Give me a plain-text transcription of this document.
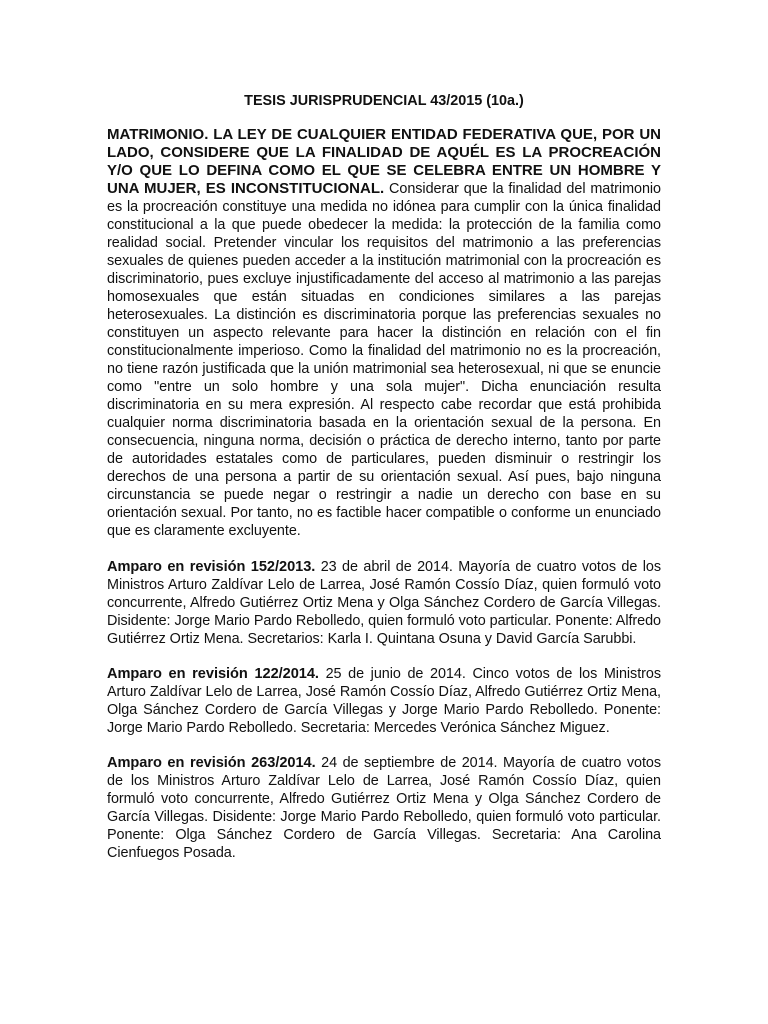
TESIS JURISPRUDENCIAL 43/2015 (10a.)

MATRIMONIO. LA LEY DE CUALQUIER ENTIDAD FEDERATIVA QUE, POR UN LADO, CONSIDERE QUE LA FINALIDAD DE AQUÉL ES LA PROCREACIÓN Y/O QUE LO DEFINA COMO EL QUE SE CELEBRA ENTRE UN HOMBRE Y UNA MUJER, ES INCONSTITUCIONAL. Considerar que la finalidad del matrimonio es la procreación constituye una medida no idónea para cumplir con la única finalidad constitucional a la que puede obedecer la medida: la protección de la familia como realidad social. Pretender vincular los requisitos del matrimonio a las preferencias sexuales de quienes pueden acceder a la institución matrimonial con la procreación es discriminatorio, pues excluye injustificadamente del acceso al matrimonio a las parejas homosexuales que están situadas en condiciones similares a las parejas heterosexuales. La distinción es discriminatoria porque las preferencias sexuales no constituyen un aspecto relevante para hacer la distinción en relación con el fin constitucionalmente imperioso. Como la finalidad del matrimonio no es la procreación, no tiene razón justificada que la unión matrimonial sea heterosexual, ni que se enuncie como "entre un solo hombre y una sola mujer". Dicha enunciación resulta discriminatoria en su mera expresión. Al respecto cabe recordar que está prohibida cualquier norma discriminatoria basada en la orientación sexual de la persona. En consecuencia, ninguna norma, decisión o práctica de derecho interno, tanto por parte de autoridades estatales como de particulares, pueden disminuir o restringir los derechos de una persona a partir de su orientación sexual. Así pues, bajo ninguna circunstancia se puede negar o restringir a nadie un derecho con base en su orientación sexual. Por tanto, no es factible hacer compatible o conforme un enunciado que es claramente excluyente.

Amparo en revisión 152/2013. 23 de abril de 2014. Mayoría de cuatro votos de los Ministros Arturo Zaldívar Lelo de Larrea, José Ramón Cossío Díaz, quien formuló voto concurrente, Alfredo Gutiérrez Ortiz Mena y Olga Sánchez Cordero de García Villegas. Disidente: Jorge Mario Pardo Rebolledo, quien formuló voto particular. Ponente: Alfredo Gutiérrez Ortiz Mena. Secretarios: Karla I. Quintana Osuna y David García Sarubbi.

Amparo en revisión 122/2014. 25 de junio de 2014. Cinco votos de los Ministros Arturo Zaldívar Lelo de Larrea, José Ramón Cossío Díaz, Alfredo Gutiérrez Ortiz Mena, Olga Sánchez Cordero de García Villegas y Jorge Mario Pardo Rebolledo. Ponente: Jorge Mario Pardo Rebolledo. Secretaria: Mercedes Verónica Sánchez Miguez.

Amparo en revisión 263/2014. 24 de septiembre de 2014. Mayoría de cuatro votos de los Ministros Arturo Zaldívar Lelo de Larrea, José Ramón Cossío Díaz, quien formuló voto concurrente, Alfredo Gutiérrez Ortiz Mena y Olga Sánchez Cordero de García Villegas. Disidente: Jorge Mario Pardo Rebolledo, quien formuló voto particular. Ponente: Olga Sánchez Cordero de García Villegas. Secretaria: Ana Carolina Cienfuegos Posada.
